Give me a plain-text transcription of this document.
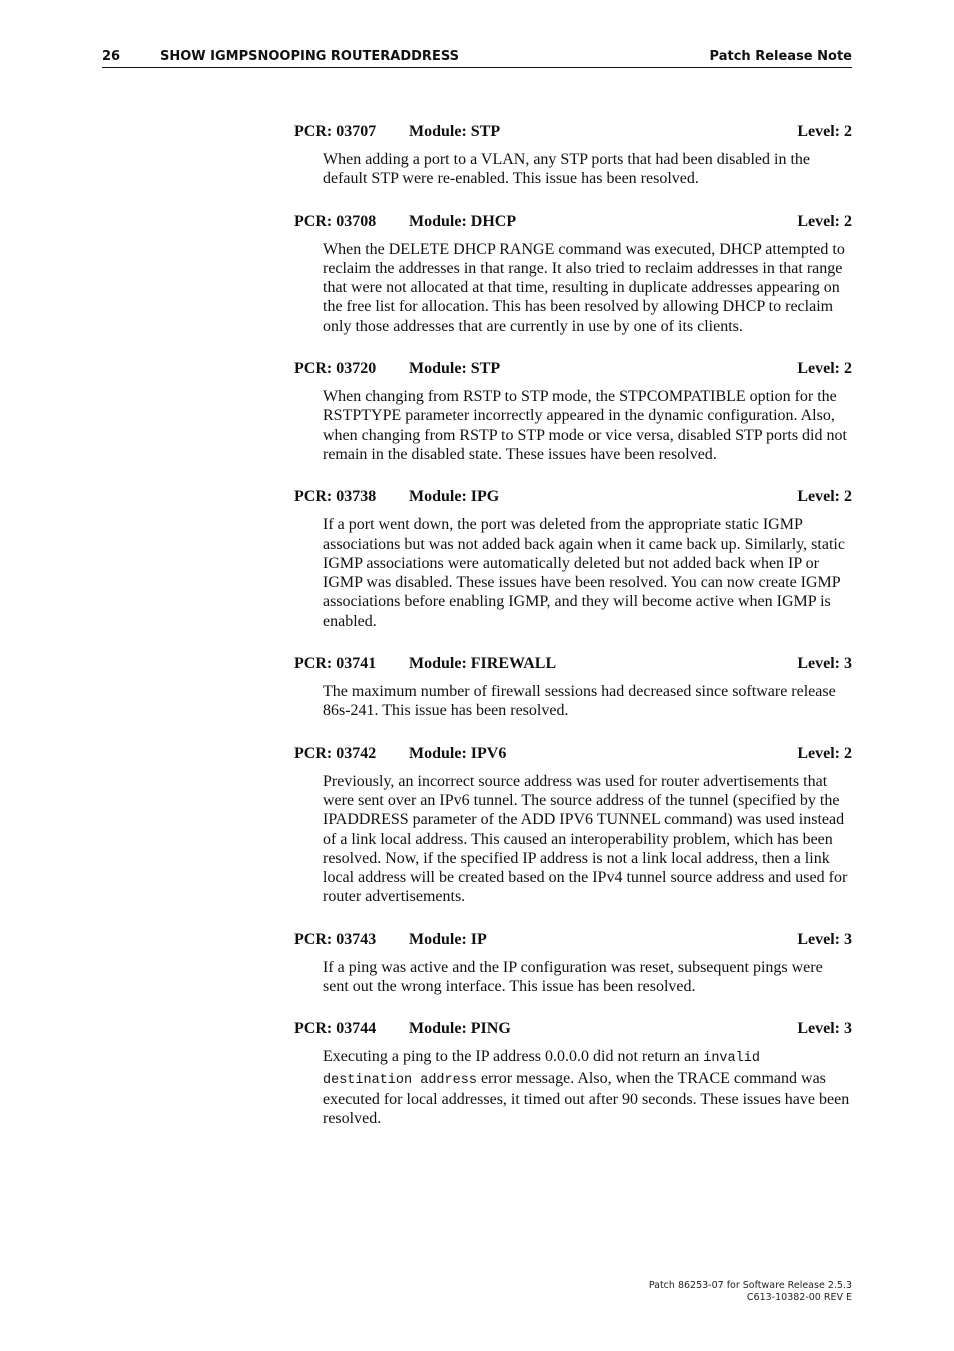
26	SHOW IGMPSNOOPING ROUTERADDRESS	Patch Release Note
PCR: 03707 Module: STP	Level: 2
When adding a port to a VLAN, any STP ports that had been disabled in the default STP were re-enabled. This issue has been resolved.
PCR: 03708 Module: DHCP	Level: 2
When the DELETE DHCP RANGE command was executed, DHCP attempted to reclaim the addresses in that range. It also tried to reclaim addresses in that range that were not allocated at that time, resulting in duplicate addresses appearing on the free list for allocation. This has been resolved by allowing DHCP to reclaim only those addresses that are currently in use by one of its clients.
PCR: 03720 Module: STP	Level: 2
When changing from RSTP to STP mode, the STPCOMPATIBLE option for the RSTPTYPE parameter incorrectly appeared in the dynamic configuration. Also, when changing from RSTP to STP mode or vice versa, disabled STP ports did not remain in the disabled state. These issues have been resolved.
PCR: 03738 Module: IPG	Level: 2
If a port went down, the port was deleted from the appropriate static IGMP associations but was not added back again when it came back up. Similarly, static IGMP associations were automatically deleted but not added back when IP or IGMP was disabled. These issues have been resolved. You can now create IGMP associations before enabling IGMP, and they will become active when IGMP is enabled.
PCR: 03741 Module: FIREWALL	Level: 3
The maximum number of firewall sessions had decreased since software release 86s-241. This issue has been resolved.
PCR: 03742 Module: IPV6	Level: 2
Previously, an incorrect source address was used for router advertisements that were sent over an IPv6 tunnel. The source address of the tunnel (specified by the IPADDRESS parameter of the ADD IPV6 TUNNEL command) was used instead of a link local address. This caused an interoperability problem, which has been resolved. Now, if the specified IP address is not a link local address, then a link local address will be created based on the IPv4 tunnel source address and used for router advertisements.
PCR: 03743 Module: IP	Level: 3
If a ping was active and the IP configuration was reset, subsequent pings were sent out the wrong interface. This issue has been resolved.
PCR: 03744 Module: PING	Level: 3
Executing a ping to the IP address 0.0.0.0 did not return an invalid destination address error message. Also, when the TRACE command was executed for local addresses, it timed out after 90 seconds. These issues have been resolved.
Patch 86253-07 for Software Release 2.5.3
C613-10382-00 REV E
